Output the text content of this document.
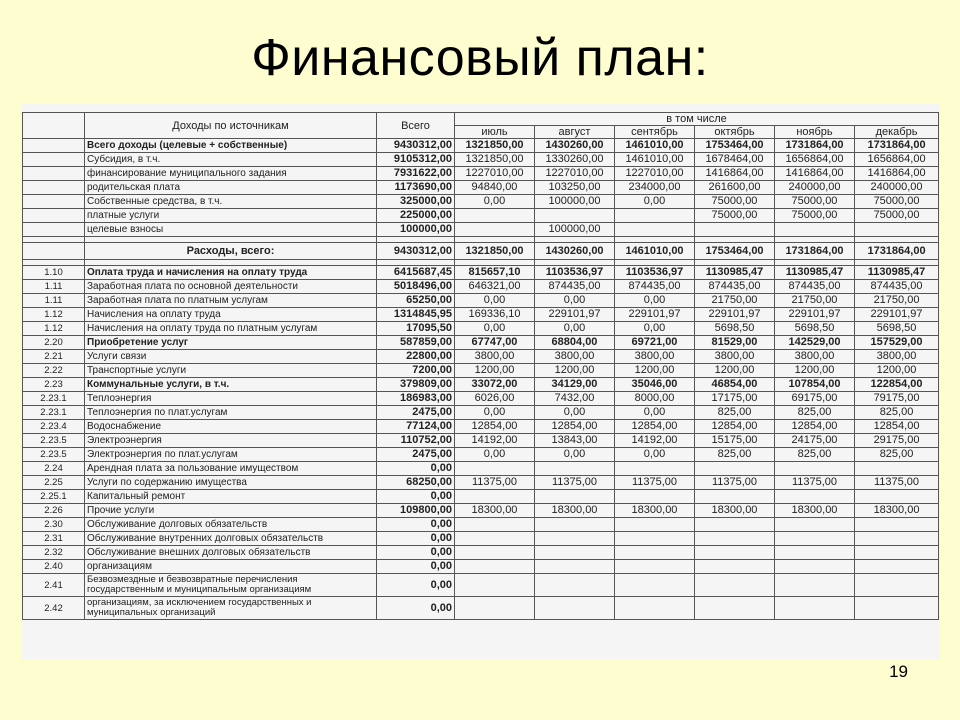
Финансовый план:
	Доходы по источникам	Всего	в том числе					
			июль	август	сентябрь	октябрь	ноябрь	декабрь
	Всего доходы (целевые + собственные)	9430312,00	1321850,00	1430260,00	1461010,00	1753464,00	1731864,00	1731864,00
	Субсидия, в т.ч.	9105312,00	1321850,00	1330260,00	1461010,00	1678464,00	1656864,00	1656864,00
	финансирование муниципального задания	7931622,00	1227010,00	1227010,00	1227010,00	1416864,00	1416864,00	1416864,00
	родительская плата	1173690,00	94840,00	103250,00	234000,00	261600,00	240000,00	240000,00
	Собственные средства, в т.ч.	325000,00	0,00	100000,00	0,00	75000,00	75000,00	75000,00
	платные услуги	225000,00				75000,00	75000,00	75000,00
	целевые взносы	100000,00		100000,00				

	Расходы, всего:	9430312,00	1321850,00	1430260,00	1461010,00	1753464,00	1731864,00	1731864,00

1.10	Оплата труда и начисления на оплату труда	6415687,45	815657,10	1103536,97	1103536,97	1130985,47	1130985,47	1130985,47
1.11	Заработная плата по основной деятельности	5018496,00	646321,00	874435,00	874435,00	874435,00	874435,00	874435,00
1.11	Заработная плата по платным услугам	65250,00	0,00	0,00	0,00	21750,00	21750,00	21750,00
1.12	Начисления на оплату труда	1314845,95	169336,10	229101,97	229101,97	229101,97	229101,97	229101,97
1.12	Начисления на оплату труда по платным услугам	17095,50	0,00	0,00	0,00	5698,50	5698,50	5698,50
2.20	Приобретение услуг	587859,00	67747,00	68804,00	69721,00	81529,00	142529,00	157529,00
2.21	Услуги связи	22800,00	3800,00	3800,00	3800,00	3800,00	3800,00	3800,00
2.22	Транспортные услуги	7200,00	1200,00	1200,00	1200,00	1200,00	1200,00	1200,00
2.23	Коммунальные услуги, в т.ч.	379809,00	33072,00	34129,00	35046,00	46854,00	107854,00	122854,00
2.23.1	Теплоэнергия	186983,00	6026,00	7432,00	8000,00	17175,00	69175,00	79175,00
2.23.1	Теплоэнергия по плат.услугам	2475,00	0,00	0,00	0,00	825,00	825,00	825,00
2.23.4	Водоснабжение	77124,00	12854,00	12854,00	12854,00	12854,00	12854,00	12854,00
2.23.5	Электроэнергия	110752,00	14192,00	13843,00	14192,00	15175,00	24175,00	29175,00
2.23.5	Электроэнергия по плат.услугам	2475,00	0,00	0,00	0,00	825,00	825,00	825,00
2.24	Арендная плата за пользование имуществом	0,00						
2.25	Услуги по содержанию имущества	68250,00	11375,00	11375,00	11375,00	11375,00	11375,00	11375,00
2.25.1	Капитальный ремонт	0,00						
2.26	Прочие услуги	109800,00	18300,00	18300,00	18300,00	18300,00	18300,00	18300,00
2.30	Обслуживание долговых обязательств	0,00						
2.31	Обслуживание внутренних долговых обязательств	0,00						
2.32	Обслуживание внешних долговых обязательств	0,00						
2.40	организациям	0,00						
2.41	Безвозмездные и безвозвратные перечисления государственным и муниципальным организациям	0,00						
2.42	организациям, за исключением государственных и муниципальных организаций	0,00						
19
